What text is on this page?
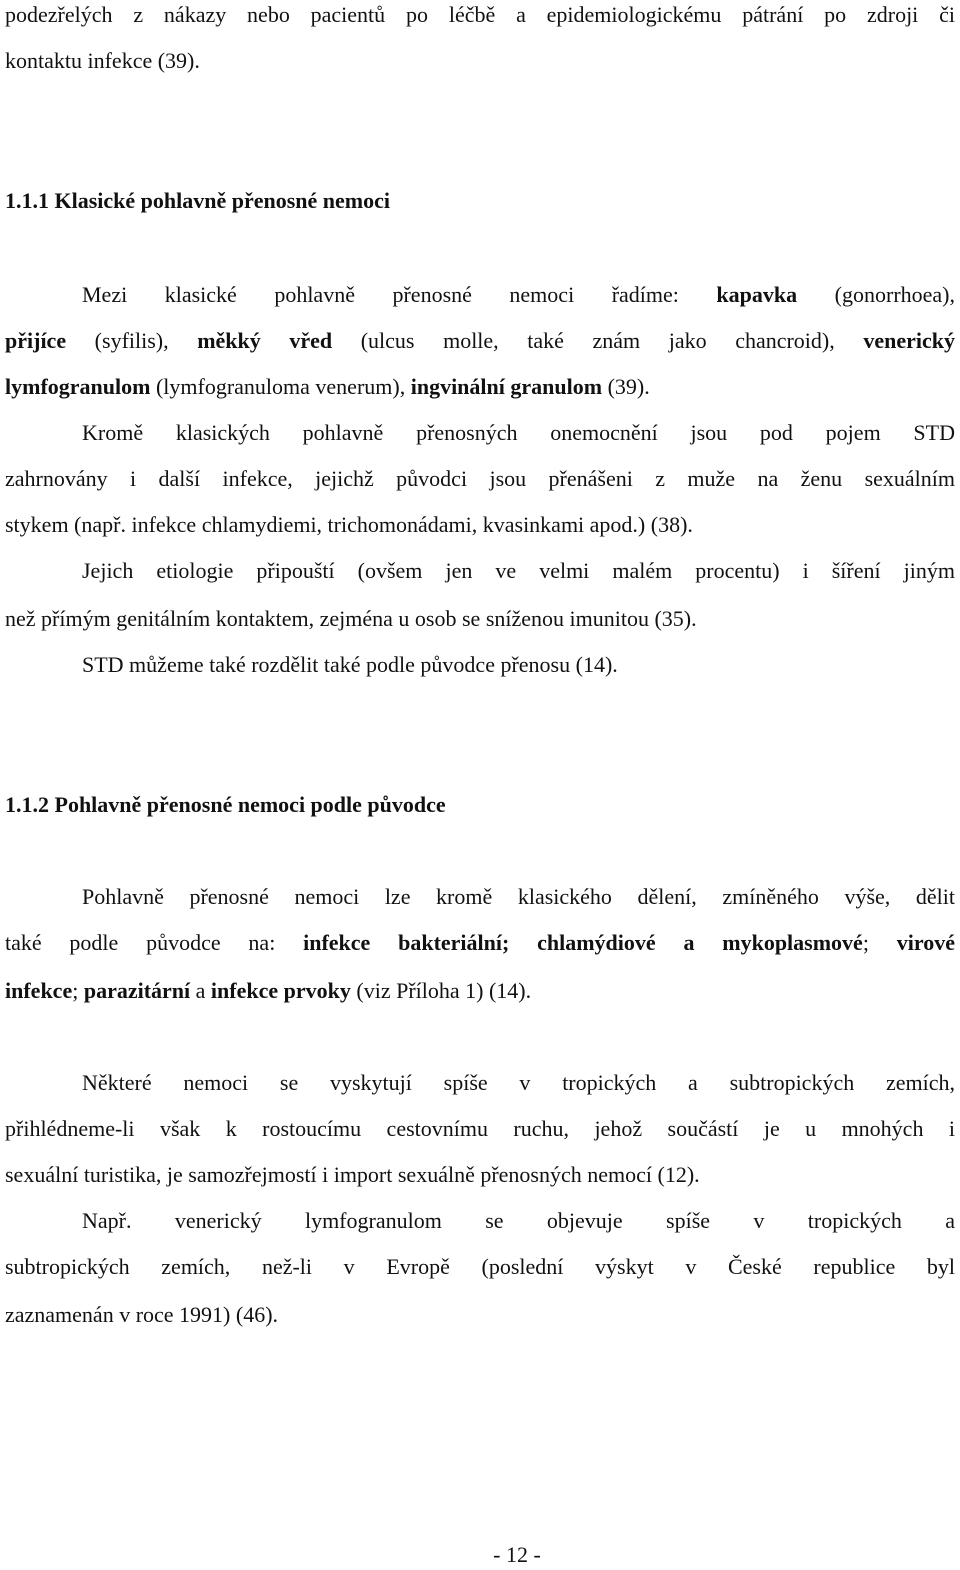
podezřelých z nákazy nebo pacientů po léčbě a epidemiologickému pátrání po zdroji či
kontaktu infekce (39).
1.1.1 Klasické pohlavně přenosné nemoci
Mezi klasické pohlavně přenosné nemoci řadíme: kapavka (gonorrhoea),
přijíce (syfilis), měkký vřed (ulcus molle, také znám jako chancroid), venerický
lymfogranulom (lymfogranuloma venerum), ingvinální granulom (39).
Kromě klasických pohlavně přenosných onemocnění jsou pod pojem STD
zahrnovány i další infekce, jejichž původci jsou přenášeni z muže na ženu sexuálním
stykem (např. infekce chlamydiemi, trichomonádami, kvasinkami apod.) (38).
Jejich etiologie připouští (ovšem jen ve velmi malém procentu) i šíření jiným
než přímým genitálním kontaktem, zejména u osob se sníženou imunitou (35).
STD můžeme také rozdělit také podle původce přenosu (14).
1.1.2 Pohlavně přenosné nemoci podle původce
Pohlavně přenosné nemoci lze kromě klasického dělení, zmíněného výše, dělit
také podle původce na: infekce bakteriální; chlamýdiové a mykoplasmové; virové
infekce; parazitární a infekce prvoky (viz Příloha 1) (14).
Některé nemoci se vyskytují spíše v tropických a subtropických zemích,
přihlédneme-li však k rostoucímu cestovnímu ruchu, jehož součástí je u mnohých i
sexuální turistika, je samozřejmostí i import sexuálně přenosných nemocí (12).
Např. venerický lymfogranulom se objevuje spíše v tropických a
subtropických zemích, než-li v Evropě (poslední výskyt v České republice byl
zaznamenán v roce 1991) (46).
- 12 -
